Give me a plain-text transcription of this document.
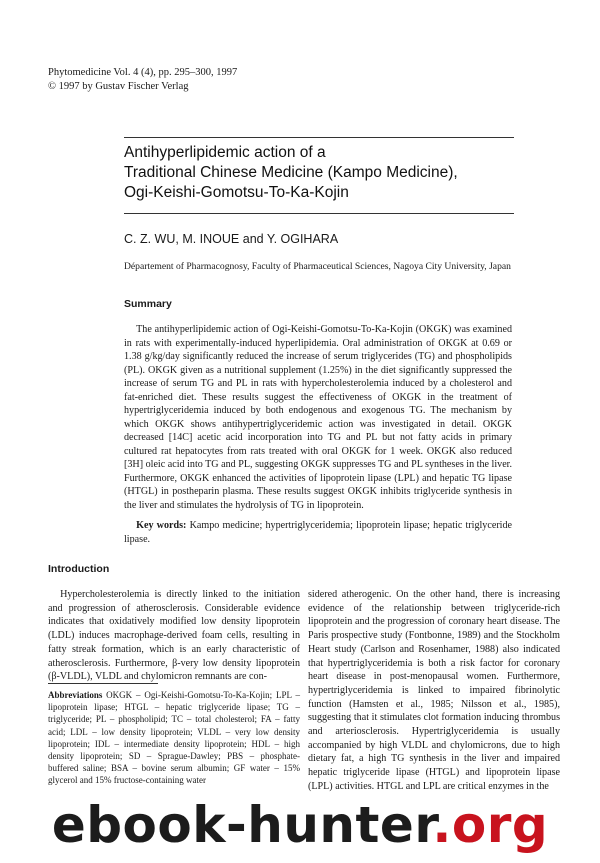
Phytomedicine Vol. 4 (4), pp. 295–300, 1997
© 1997 by Gustav Fischer Verlag
Antihyperlipidemic action of a
Traditional Chinese Medicine (Kampo Medicine),
Ogi-Keishi-Gomotsu-To-Ka-Kojin
C. Z. WU, M. INOUE and Y. OGIHARA
Département of Pharmacognosy, Faculty of Pharmaceutical Sciences, Nagoya City University, Japan
Summary

The antihyperlipidemic action of Ogi-Keishi-Gomotsu-To-Ka-Kojin (OKGK) was examined in rats with experimentally-induced hyperlipidemia. Oral administration of OKGK at 0.69 or 1.38 g/kg/day significantly reduced the increase of serum triglycerides (TG) and phospholipids (PL). OKGK given as a nutritional supplement (1.25%) in the diet significantly suppressed the increase of serum TG and PL in rats with hypercholesterolemia induced by a cholesterol and fat-enriched diet. These results suggest the effectiveness of OKGK in the treatment of hypertriglyceridemia induced by both endogenous and exogenous TG. The mechanism by which OKGK shows antihypertriglyceridemic action was investigated in detail. OKGK decreased [14C] acetic acid incorporation into TG and PL but not fatty acids in primary cultured rat hepatocytes from rats treated with oral OKGK for 1 week. OKGK also reduced [3H] oleic acid into TG and PL, suggesting OKGK suppresses TG and PL syntheses in the liver. Furthermore, OKGK enhanced the activities of lipoprotein lipase (LPL) and hepatic TG lipase (HTGL) in postheparin plasma. These results suggest OKGK inhibits triglyceride synthesis in the liver and stimulates the hydrolysis of TG in lipoprotein.

Key words: Kampo medicine; hypertriglyceridemia; lipoprotein lipase; hepatic triglyceride lipase.
Introduction

Hypercholesterolemia is directly linked to the initiation and progression of atherosclerosis. Considerable evidence indicates that oxidatively modified low density lipoprotein (LDL) induces macrophage-derived foam cells, resulting in fatty streak formation, which is an early characteristic of atherosclerosis. Furthermore, β-very low density lipoprotein (β-VLDL), VLDL and chylomicron remnants are con-

Abbreviations OKGK – Ogi-Keishi-Gomotsu-To-Ka-Kojin; LPL – lipoprotein lipase; HTGL – hepatic triglyceride lipase; TG – triglyceride; PL – phospholipid; TC – total cholesterol; FA – fatty acid; LDL – low density lipoprotein; VLDL – very low density lipoprotein; IDL – intermediate density lipoprotein; HDL – high density lipoprotein; SD – Sprague-Dawley; PBS – phosphate-buffered saline; BSA – bovine serum albumin; GF water – 15% glycerol and 15% fructose-containing water

sidered atherogenic. On the other hand, there is increasing evidence of the relationship between triglyceride-rich lipoprotein and the progression of coronary heart disease. The Paris prospective study (Fontbonne, 1989) and the Stockholm Heart study (Carlson and Rosenhamer, 1988) also indicated that hypertriglyceridemia is both a risk factor for coronary heart disease in post-menopausal women. Furthermore, hypertriglyceridemia is linked to impaired fibrinolytic function (Hamsten et al., 1985; Nilsson et al., 1985), suggesting that it stimulates clot formation inducing thrombus and arteriosclerosis. Hypertriglyceridemia is usually accompanied by high VLDL and chylomicrons, due to high dietary fat, a high TG synthesis in the liver and impaired hepatic triglyceride lipase (HTGL) and lipoprotein lipase (LPL) activities. HTGL and LPL are critical enzymes in the

ebook-hunter.org
